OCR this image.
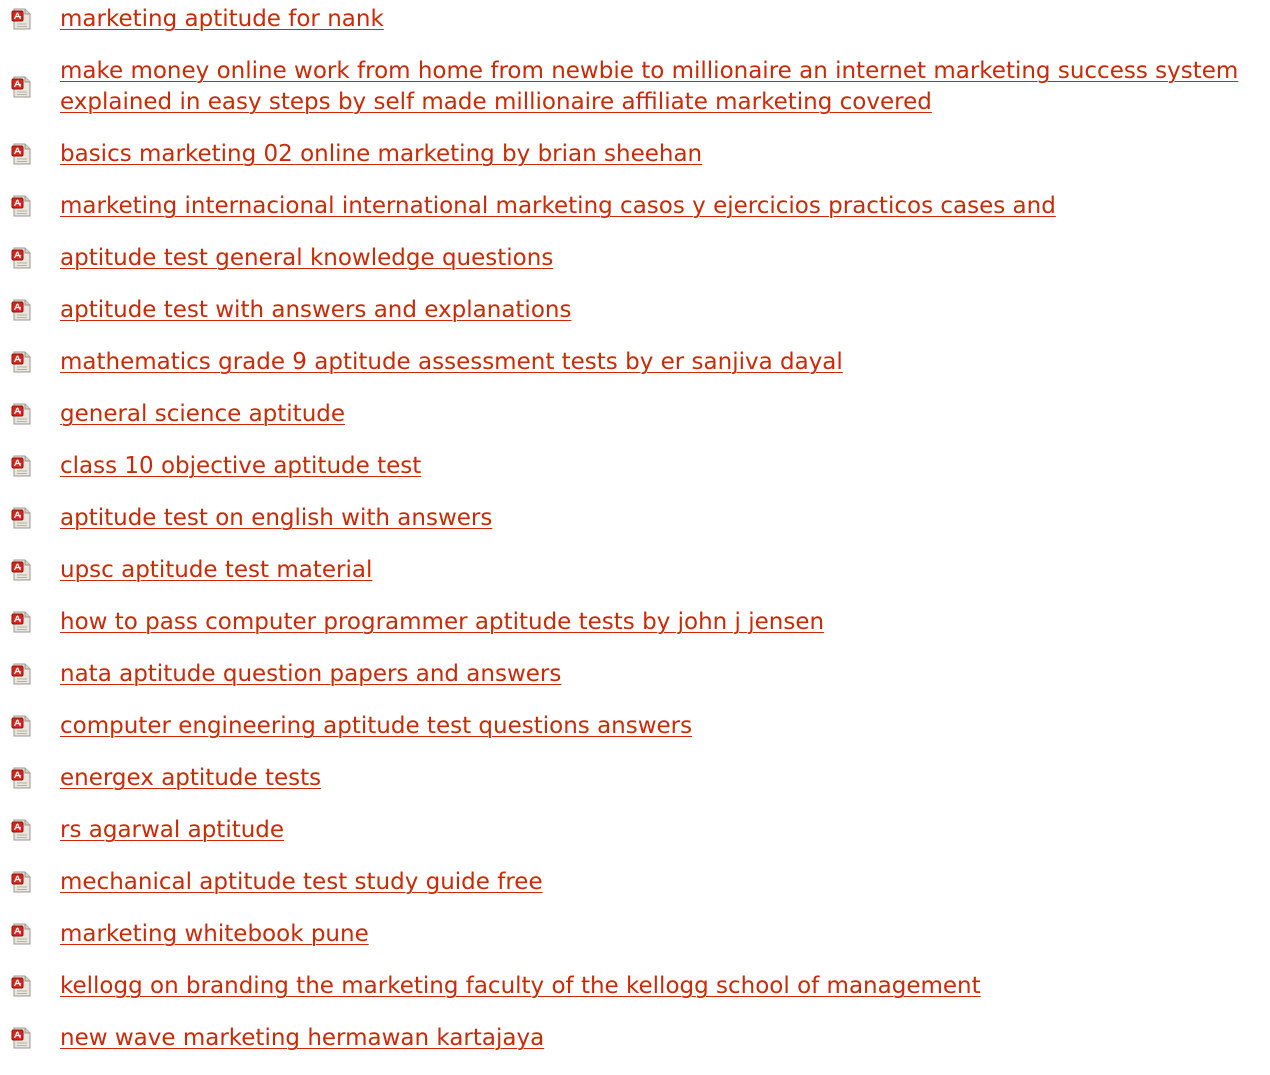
marketing aptitude for nank
make money online work from home from newbie to millionaire an internet marketing success system explained in easy steps by self made millionaire affiliate marketing covered
basics marketing 02 online marketing by brian sheehan
marketing internacional international marketing casos y ejercicios practicos cases and
aptitude test general knowledge questions
aptitude test with answers and explanations
mathematics grade 9 aptitude assessment tests by er sanjiva dayal
general science aptitude
class 10 objective aptitude test
aptitude test on english with answers
upsc aptitude test material
how to pass computer programmer aptitude tests by john j jensen
nata aptitude question papers and answers
computer engineering aptitude test questions answers
energex aptitude tests
rs agarwal aptitude
mechanical aptitude test study guide free
marketing whitebook pune
kellogg on branding the marketing faculty of the kellogg school of management
new wave marketing hermawan kartajaya
